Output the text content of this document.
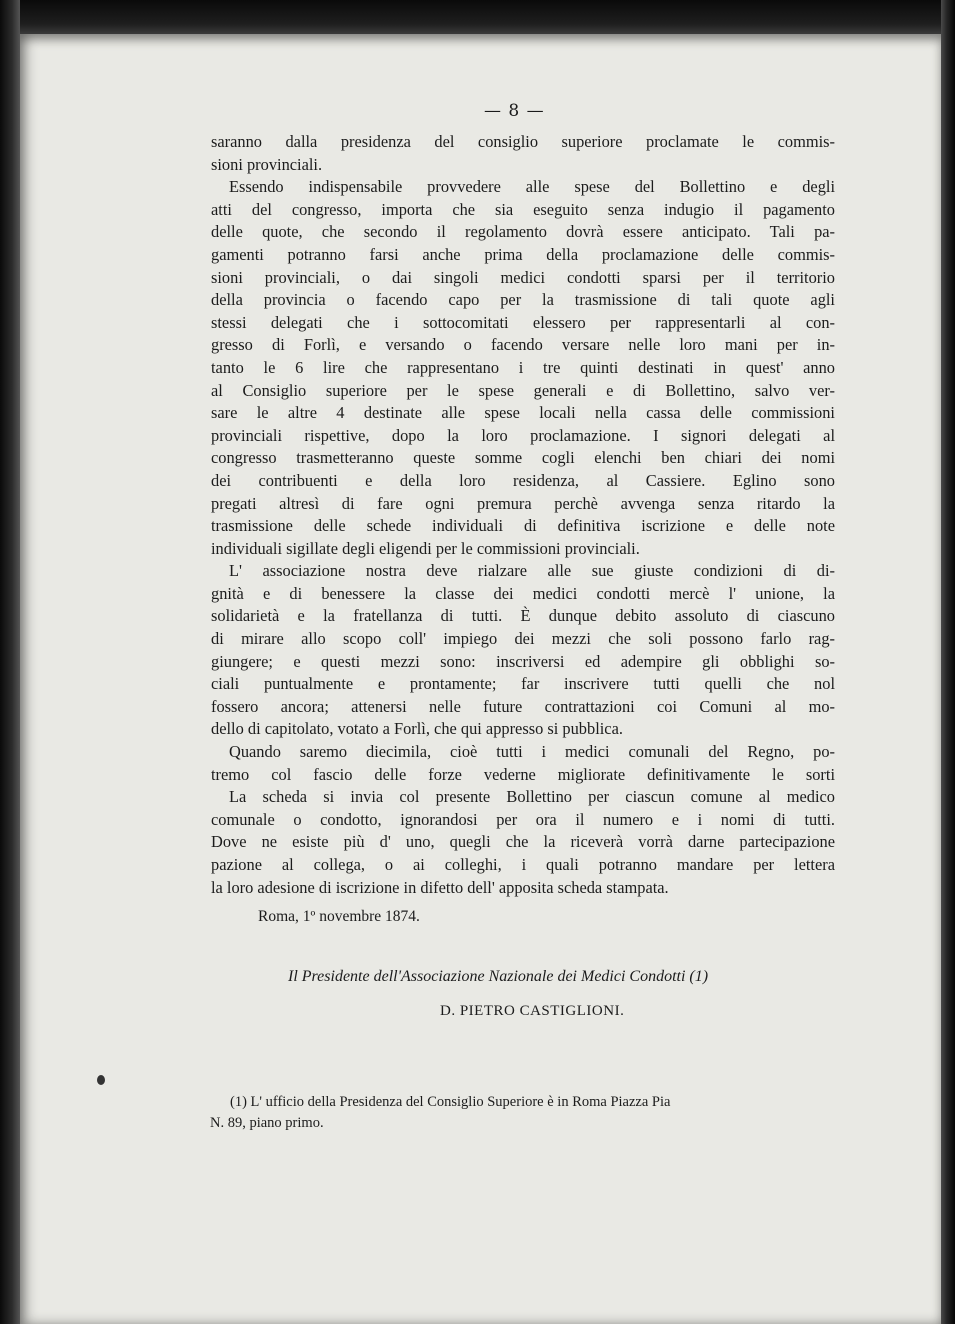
— 8 —
saranno dalla presidenza del consiglio superiore proclamate le commis-
sioni provinciali.
Essendo indispensabile provvedere alle spese del Bollettino e degli
atti del congresso, importa che sia eseguito senza indugio il pagamento
delle quote, che secondo il regolamento dovrà essere anticipato. Tali pa-
gamenti potranno farsi anche prima della proclamazione delle commis-
sioni provinciali, o dai singoli medici condotti sparsi per il territorio
della provincia o facendo capo per la trasmissione di tali quote agli
stessi delegati che i sottocomitati elessero per rappresentarli al con-
gresso di Forlì, e versando o facendo versare nelle loro mani per in-
tanto le 6 lire che rappresentano i tre quinti destinati in quest' anno
al Consiglio superiore per le spese generali e di Bollettino, salvo ver-
sare le altre 4 destinate alle spese locali nella cassa delle commissioni
provinciali rispettive, dopo la loro proclamazione. I signori delegati al
congresso trasmetteranno queste somme cogli elenchi ben chiari dei nomi
dei contribuenti e della loro residenza, al Cassiere. Eglino sono
pregati altresì di fare ogni premura perchè avvenga senza ritardo la
trasmissione delle schede individuali di definitiva iscrizione e delle note
individuali sigillate degli eligendi per le commissioni provinciali.
L' associazione nostra deve rialzare alle sue giuste condizioni di di-
gnità e di benessere la classe dei medici condotti mercè l' unione, la
solidarietà e la fratellanza di tutti. È dunque debito assoluto di ciascuno
di mirare allo scopo coll' impiego dei mezzi che soli possono farlo rag-
giungere; e questi mezzi sono: inscriversi ed adempire gli obblighi so-
ciali puntualmente e prontamente; far inscrivere tutti quelli che nol
fossero ancora; attenersi nelle future contrattazioni coi Comuni al mo-
dello di capitolato, votato a Forlì, che qui appresso si pubblica.
Quando saremo diecimila, cioè tutti i medici comunali del Regno, po-
tremo col fascio delle forze vederne migliorate definitivamente le sorti
La scheda si invia col presente Bollettino per ciascun comune al medico
comunale o condotto, ignorandosi per ora il numero e i nomi di tutti.
Dove ne esiste più d' uno, quegli che la riceverà vorrà darne partecipazione
pazione al collega, o ai colleghi, i quali potranno mandare per lettera
la loro adesione di iscrizione in difetto dell' apposita scheda stampata.
Roma, 1º novembre 1874.
Il Presidente dell'Associazione Nazionale dei Medici Condotti (1)
D. PIETRO CASTIGLIONI.
(1) L' ufficio della Presidenza del Consiglio Superiore è in Roma Piazza Pia
N. 89, piano primo.
